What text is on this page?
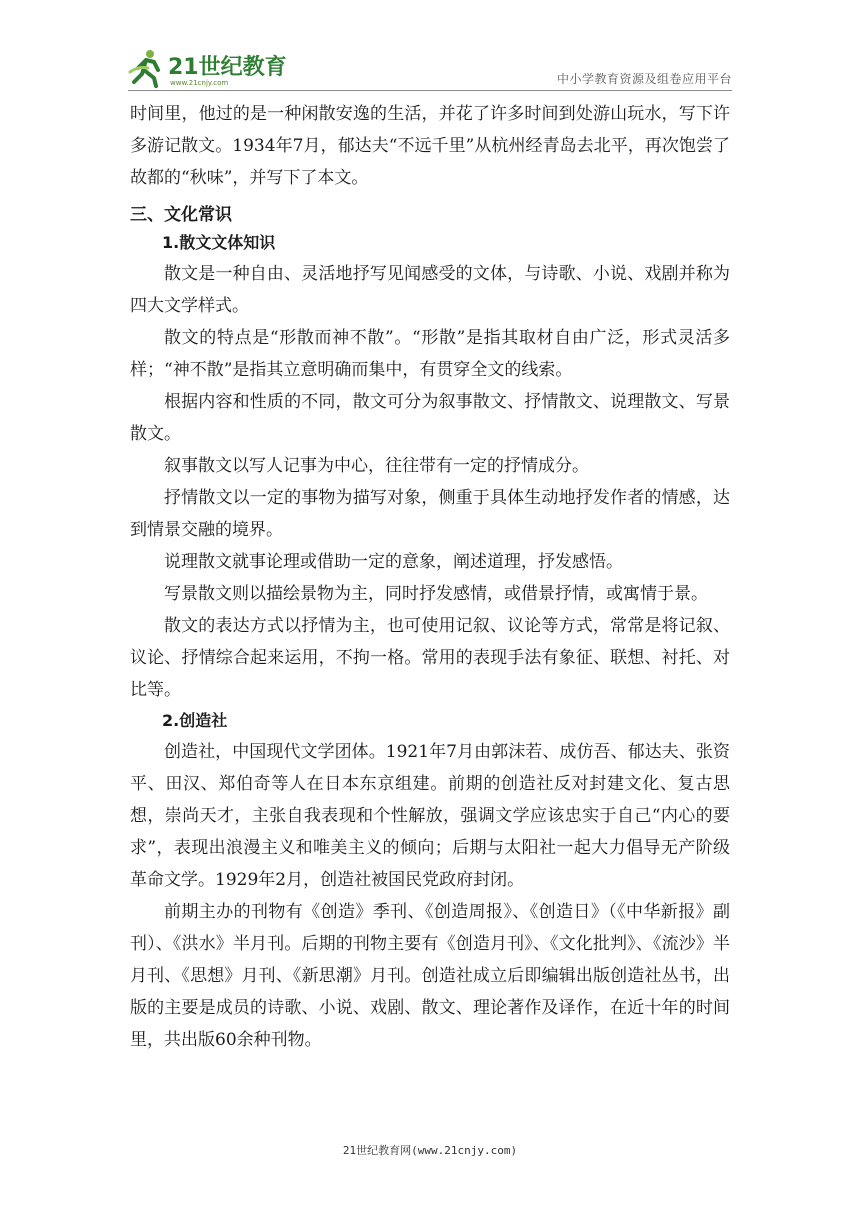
21世纪教育
www.21cnjy.com	中小学教育资源及组卷应用平台

时间里，他过的是一种闲散安逸的生活，并花了许多时间到处游山玩水，写下许多游记散文。1934年7月，郁达夫“不远千里”从杭州经青岛去北平，再次饱尝了故都的“秋味”，并写下了本文。

三、文化常识
1.散文文体知识

散文是一种自由、灵活地抒写见闻感受的文体，与诗歌、小说、戏剧并称为四大文学样式。

散文的特点是“形散而神不散”。“形散”是指其取材自由广泛，形式灵活多样；“神不散”是指其立意明确而集中，有贯穿全文的线索。

根据内容和性质的不同，散文可分为叙事散文、抒情散文、说理散文、写景散文。

叙事散文以写人记事为中心，往往带有一定的抒情成分。

抒情散文以一定的事物为描写对象，侧重于具体生动地抒发作者的情感，达到情景交融的境界。

说理散文就事论理或借助一定的意象，阐述道理，抒发感悟。

写景散文则以描绘景物为主，同时抒发感情，或借景抒情，或寓情于景。

散文的表达方式以抒情为主，也可使用记叙、议论等方式，常常是将记叙、议论、抒情综合起来运用，不拘一格。常用的表现手法有象征、联想、衬托、对比等。

2.创造社

创造社，中国现代文学团体。1921年7月由郭沫若、成仿吾、郁达夫、张资平、田汉、郑伯奇等人在日本东京组建。前期的创造社反对封建文化、复古思想，崇尚天才，主张自我表现和个性解放，强调文学应该忠实于自己“内心的要求”，表现出浪漫主义和唯美主义的倾向；后期与太阳社一起大力倡导无产阶级革命文学。1929年2月，创造社被国民党政府封闭。

前期主办的刊物有《创造》季刊、《创造周报》、《创造日》（《中华新报》副刊）、《洪水》半月刊。后期的刊物主要有《创造月刊》、《文化批判》、《流沙》半月刊、《思想》月刊、《新思潮》月刊。创造社成立后即编辑出版创造社丛书，出版的主要是成员的诗歌、小说、戏剧、散文、理论著作及译作，在近十年的时间里，共出版60余种刊物。

21世纪教育网(www.21cnjy.com)
